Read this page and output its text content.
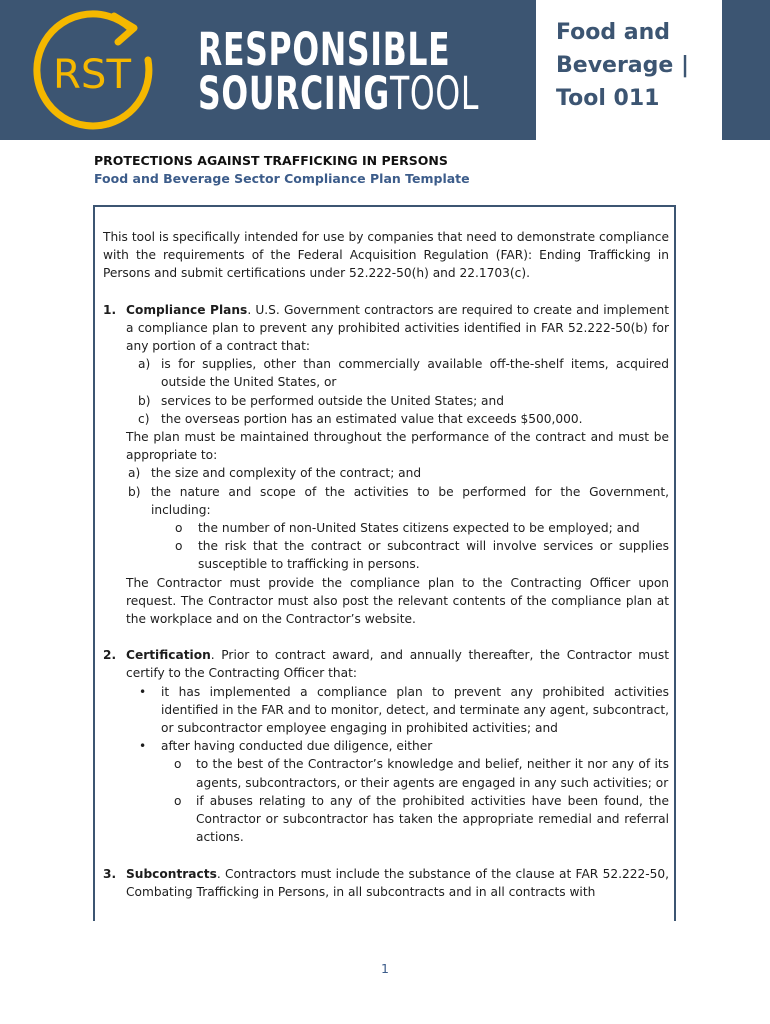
RST RESPONSIBLE
SOURCINGTOOL
Food and
Beverage |
Tool 011
PROTECTIONS AGAINST TRAFFICKING IN PERSONS
Food and Beverage Sector Compliance Plan Template

This tool is specifically intended for use by companies that need to demonstrate compliance with the requirements of the Federal Acquisition Regulation (FAR): Ending Trafficking in Persons and submit certifications under 52.222-50(h) and 22.1703(c).

1. Compliance Plans. U.S. Government contractors are required to create and implement a compliance plan to prevent any prohibited activities identified in FAR 52.222-50(b) for any portion of a contract that:
a) is for supplies, other than commercially available off-the-shelf items, acquired outside the United States, or
b) services to be performed outside the United States; and
c) the overseas portion has an estimated value that exceeds $500,000.
The plan must be maintained throughout the performance of the contract and must be appropriate to:
a) the size and complexity of the contract; and
b) the nature and scope of the activities to be performed for the Government, including:
o the number of non-United States citizens expected to be employed; and
o the risk that the contract or subcontract will involve services or supplies susceptible to trafficking in persons.
The Contractor must provide the compliance plan to the Contracting Officer upon request. The Contractor must also post the relevant contents of the compliance plan at the workplace and on the Contractor’s website.
2. Certification. Prior to contract award, and annually thereafter, the Contractor must certify to the Contracting Officer that:
• it has implemented a compliance plan to prevent any prohibited activities identified in the FAR and to monitor, detect, and terminate any agent, subcontract, or subcontractor employee engaging in prohibited activities; and
• after having conducted due diligence, either
o to the best of the Contractor’s knowledge and belief, neither it nor any of its agents, subcontractors, or their agents are engaged in any such activities; or
o if abuses relating to any of the prohibited activities have been found, the Contractor or subcontractor has taken the appropriate remedial and referral actions.
3. Subcontracts. Contractors must include the substance of the clause at FAR 52.222-50, Combating Trafficking in Persons, in all subcontracts and in all contracts with
1
